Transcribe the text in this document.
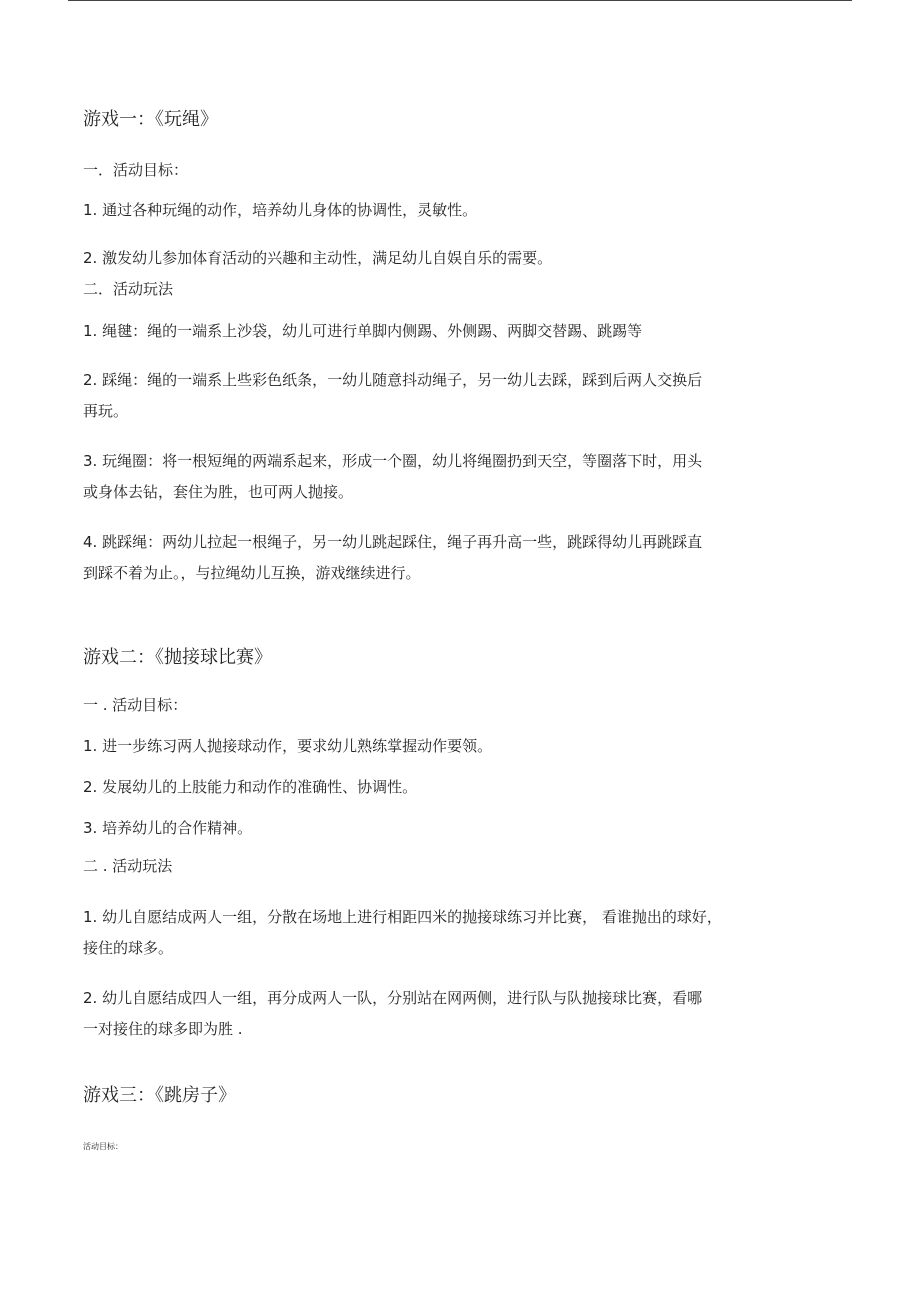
游戏一：《玩绳》
一．活动目标：
1. 通过各种玩绳的动作，培养幼儿身体的协调性，灵敏性。
2. 激发幼儿参加体育活动的兴趣和主动性，满足幼儿自娱自乐的需要。
二．活动玩法
1. 绳毽：绳的一端系上沙袋，幼儿可进行单脚内侧踢、外侧踢、两脚交替踢、跳踢等
2. 踩绳：绳的一端系上些彩色纸条，一幼儿随意抖动绳子，另一幼儿去踩，踩到后两人交换后
再玩。
3. 玩绳圈：将一根短绳的两端系起来，形成一个圈，幼儿将绳圈扔到天空，等圈落下时，用头
或身体去钻，套住为胜，也可两人抛接。
4. 跳踩绳：两幼儿拉起一根绳子，另一幼儿跳起踩住，绳子再升高一些，跳踩得幼儿再跳踩直
到踩不着为止。，与拉绳幼儿互换，游戏继续进行。
游戏二：《抛接球比赛》
一 . 活动目标：
1. 进一步练习两人抛接球动作，要求幼儿熟练掌握动作要领。
2. 发展幼儿的上肢能力和动作的准确性、协调性。
3. 培养幼儿的合作精神。
二 . 活动玩法
1. 幼儿自愿结成两人一组，分散在场地上进行相距四米的抛接球练习并比赛， 看谁抛出的球好，
接住的球多。
2. 幼儿自愿结成四人一组，再分成两人一队，分别站在网两侧，进行队与队抛接球比赛，看哪
一对接住的球多即为胜 .
游戏三：《跳房子》
活动目标：
